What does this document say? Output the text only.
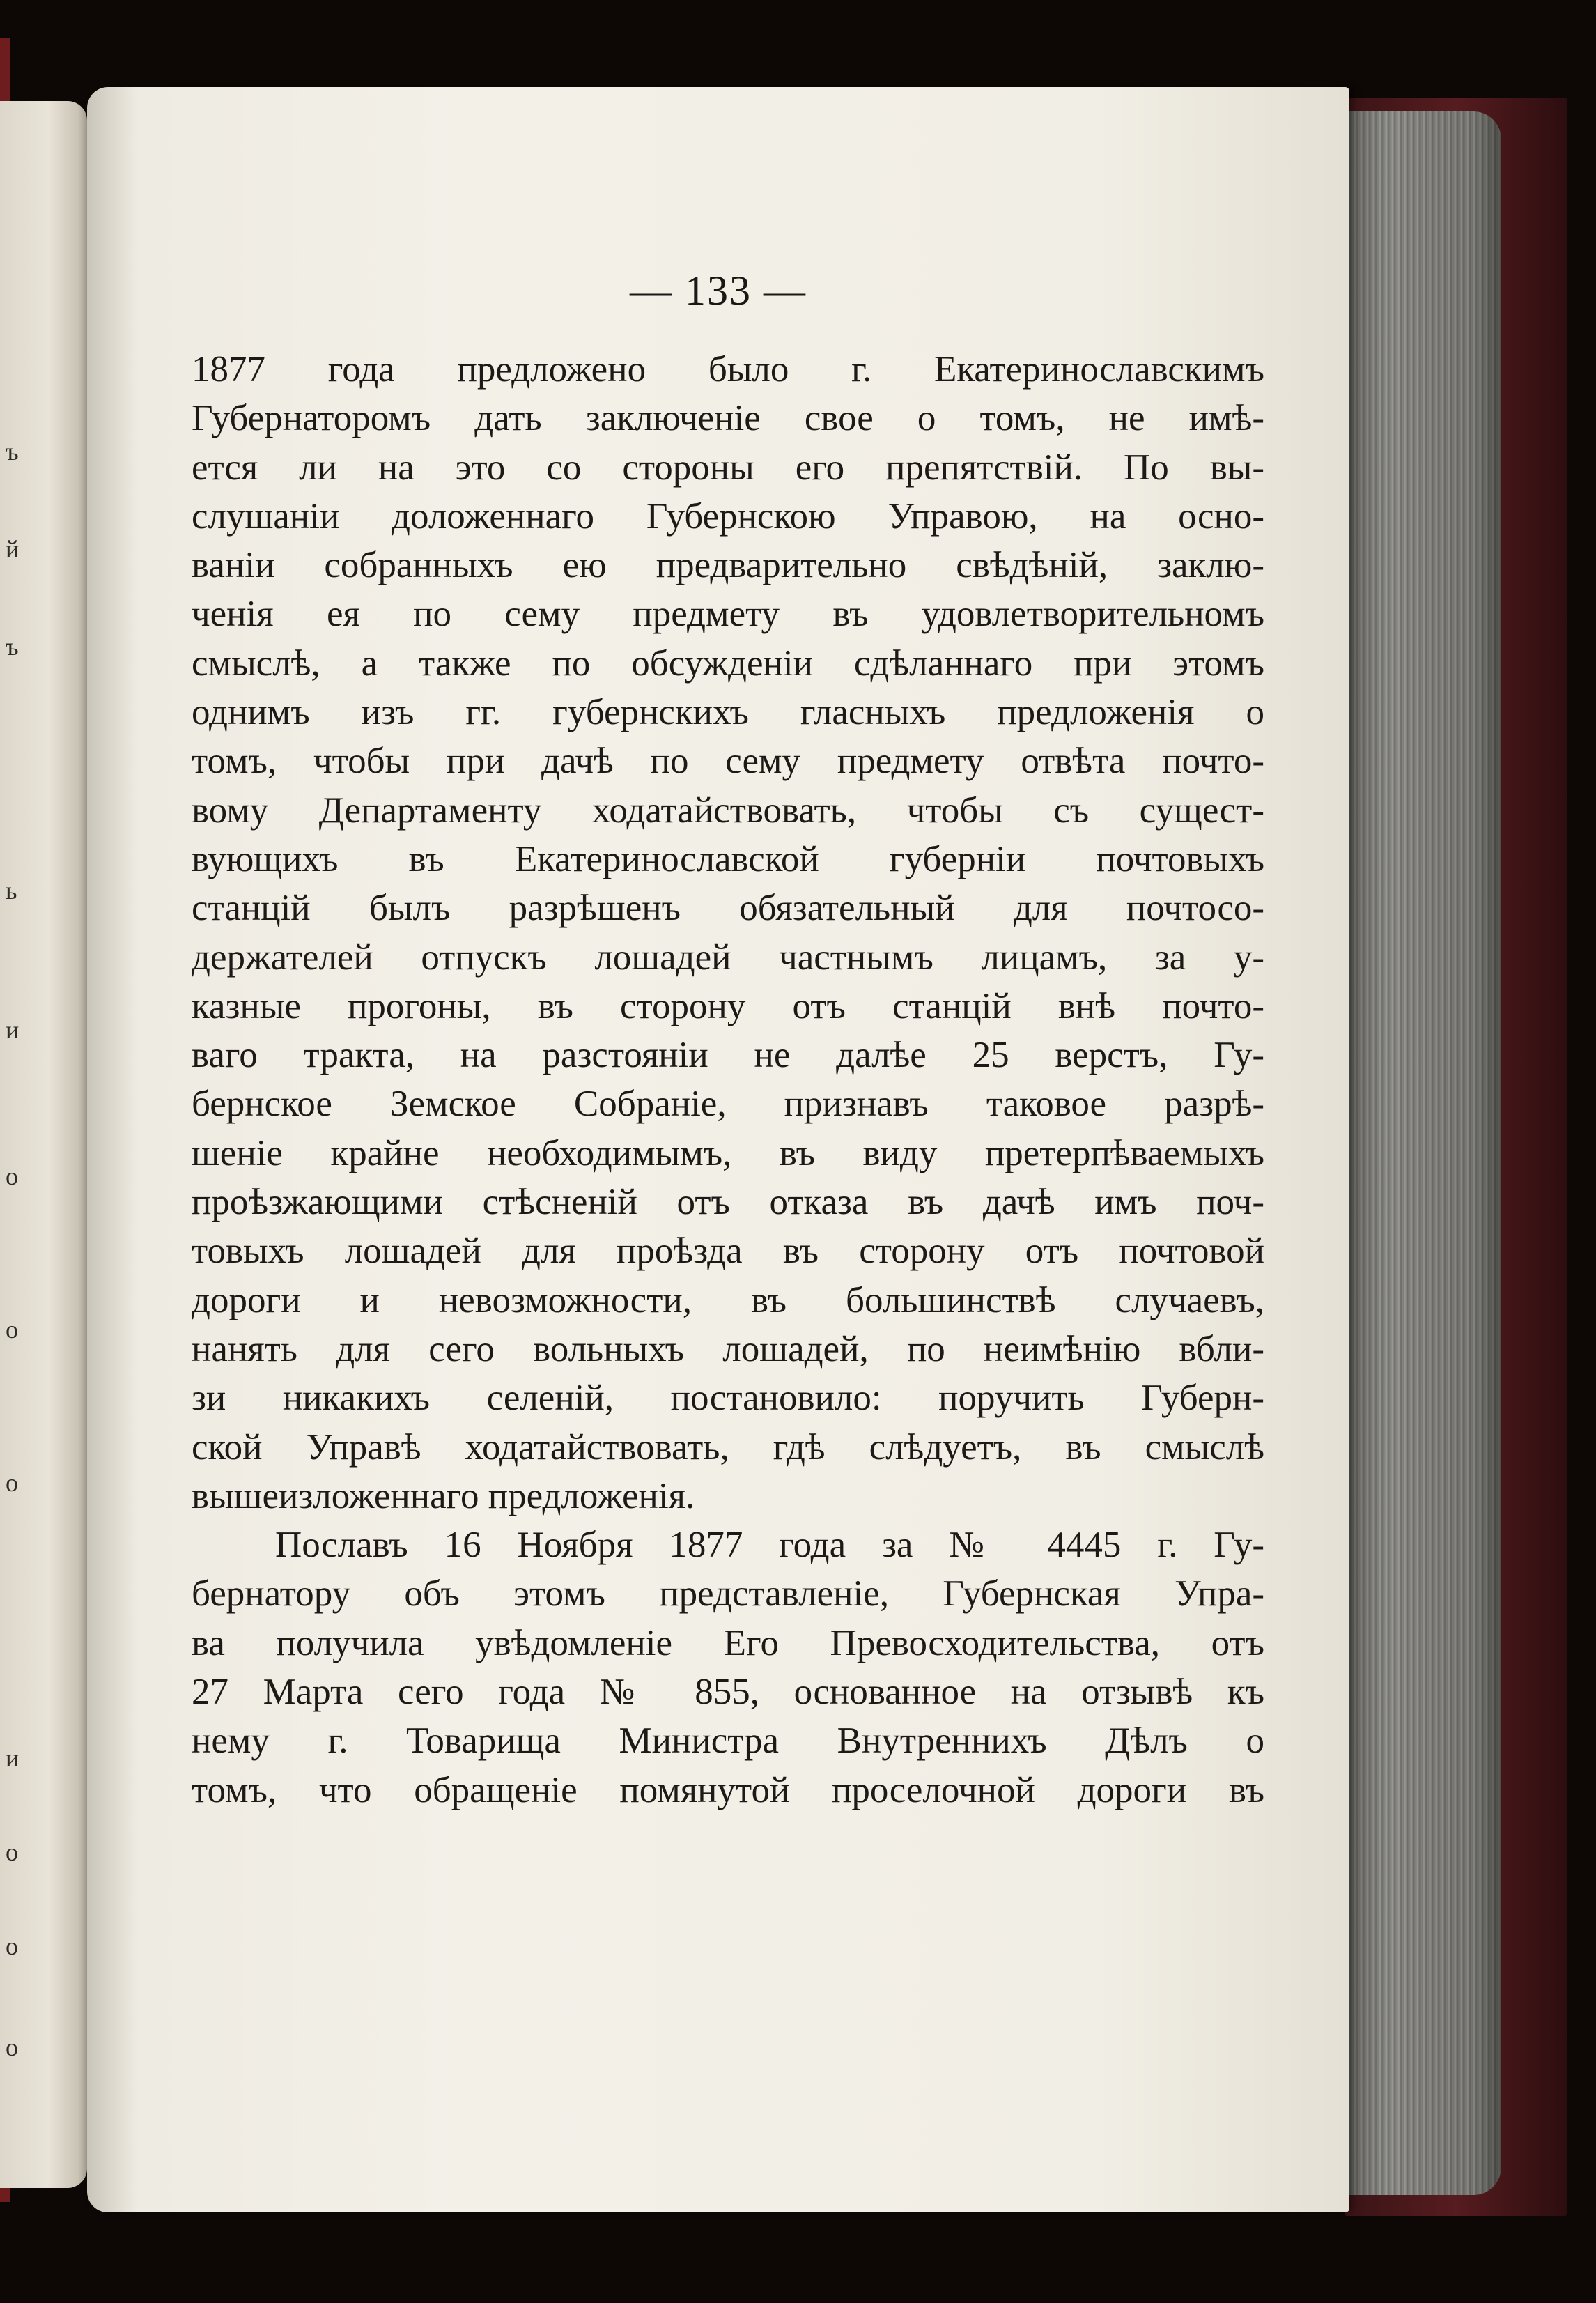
ъ
й
ъ
ь
и
о
о
о
и
о
о
о
— 133 —
1877 года предложено было г. Екатеринославскимъ
Губернаторомъ дать заключеніе свое о томъ, не имѣ-
ется ли на это со стороны его препятствій. По вы-
слушаніи доложеннаго Губернскою Управою, на осно-
ваніи собранныхъ ею предварительно свѣдѣній, заклю-
ченія ея по сему предмету въ удовлетворительномъ
смыслѣ, а также по обсужденіи сдѣланнаго при этомъ
однимъ изъ гг. губернскихъ гласныхъ предложенія о
томъ, чтобы при дачѣ по сему предмету отвѣта почто-
вому Департаменту ходатайствовать, чтобы съ сущест-
вующихъ въ Екатеринославской губерніи почтовыхъ
станцій былъ разрѣшенъ обязательный для почтосо-
держателей отпускъ лошадей частнымъ лицамъ, за у-
казные прогоны, въ сторону отъ станцій внѣ почто-
ваго тракта, на разстояніи не далѣе 25 верстъ, Гу-
бернское Земское Собраніе, признавъ таковое разрѣ-
шеніе крайне необходимымъ, въ виду претерпѣваемыхъ
проѣзжающими стѣсненій отъ отказа въ дачѣ имъ поч-
товыхъ лошадей для проѣзда въ сторону отъ почтовой
дороги и невозможности, въ большинствѣ случаевъ,
нанять для сего вольныхъ лошадей, по неимѣнію вбли-
зи никакихъ селеній, постановило: поручить Губерн-
ской Управѣ ходатайствовать, гдѣ слѣдуетъ, въ смыслѣ
вышеизложеннаго предложенія.
Пославъ 16 Ноября 1877 года за № 4445 г. Гу-
бернатору объ этомъ представленіе, Губернская Упра-
ва получила увѣдомленіе Его Превосходительства, отъ
27 Марта сего года № 855, основанное на отзывѣ къ
нему г. Товарища Министра Внутреннихъ Дѣлъ о
томъ, что обращеніе помянутой проселочной дороги въ
